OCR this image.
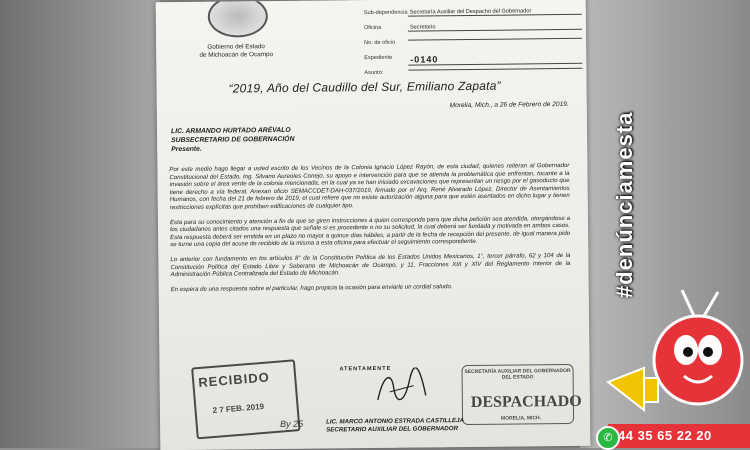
Gobierno del Estado
de Michoacán de Ocampo
Sub-dependencia Secretaría Auxiliar del Despacho del Gobernador
Oficina	Secretario
No. de oficio
Expediente	-0140
Asunto:
“2019, Año del Caudillo del Sur, Emiliano Zapata”
Morelia, Mich., a 26 de Febrero de 2019.
LIC. ARMANDO HURTADO ARÉVALO
SUBSECRETARIO DE GOBERNACIÓN
Presente.

Por este medio hago llegar a usted escrito de los Vecinos de la Colonia Ignacio López Rayón, de esta ciudad, quienes reiteran al Gobernador Constitucional del Estado, Ing. Silvano Aureoles Conejo, su apoyo e intervención para que se atienda la problemática que enfrentan, tocante a la invasión sobre el área verde de la colonia mencionada, en la cual ya se han iniciado excavaciones que representan un riesgo por el gasoducto que tiene derecho a vía federal. Anexan oficio SEMACCDET-DAH-037/2019, firmado por el Arq. René Alvarado López, Director de Asentamientos Humanos, con fecha del 21 de febrero de 2019, el cual refiere que no existe autorización alguna para que estén asentados en dicho lugar y tienen restricciones explícitas que prohíben edificaciones de cualquier tipo.

Esta para su conocimiento y atención a fin de que se giren instrucciones a quien corresponda para que dicha petición sea atendida, otorgándose a los ciudadanos antes citados una respuesta que señale si es procedente o no su solicitud, la cual deberá ser fundada y motivada en ambos casos. Esta respuesta deberá ser emitida en un plazo no mayor a quince días hábiles, a partir de la fecha de recepción del presente, de igual manera pido se turne una copia del acuse de recibido de la misma a esta oficina para efectuar el seguimiento correspondiente.

Lo anterior con fundamento en los artículos 8° de la Constitución Política de los Estados Unidos Mexicanos, 1°, tercer párrafo, 62 y 104 de la Constitución Política del Estado Libre y Soberano de Michoacán de Ocampo, y 11, Fracciones XIII y XIV del Reglamento Interior de la Administración Pública Centralizada del Estado de Michoacán.

En espera de una respuesta sobre el particular, hago propicia la ocasión para enviarle un cordial saludo.

RECIBIDO
2 7 FEB. 2019
By 25
ATENTAMENTE	SECRETARÍA AUXILIAR DEL GOBERNADOR DEL ESTADO
DESPACHADO
MORELIA, MICH.
LIC. MARCO ANTONIO ESTRADA CASTILLEJA
SECRETARIO AUXILIAR DEL GOBERNADOR
#denúnciamesta
✆ 44 35 65 22 20
